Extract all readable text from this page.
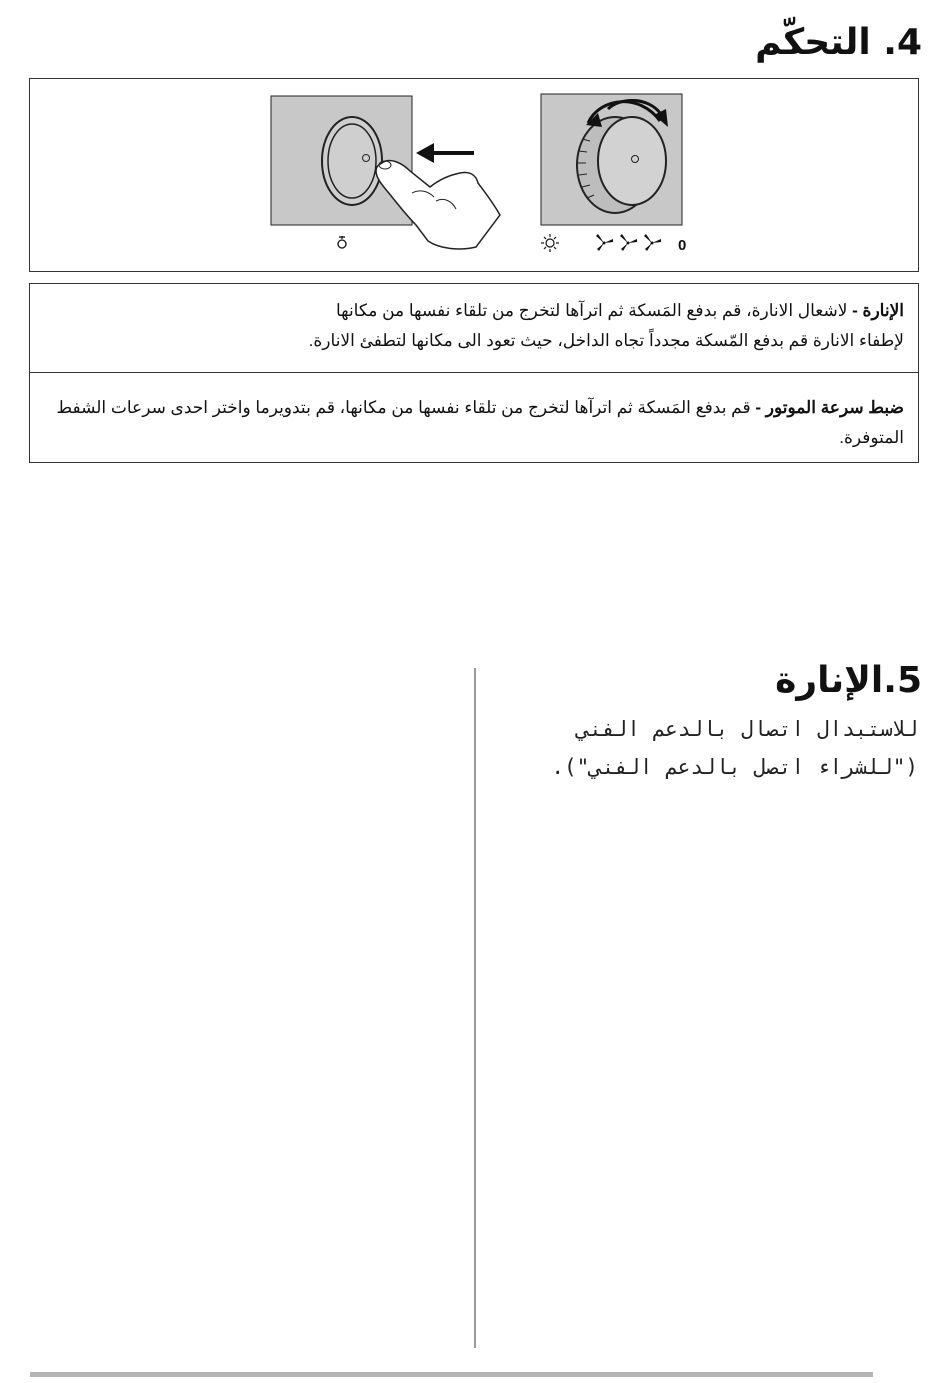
4. التحكّم
0
الإنارة - لاشعال الانارة، قم بدفع المَسكة ثم اترآها لتخرج من تلقاء نفسها من مكانها
لإطفاء الانارة قم بدفع المّسكة مجدداً تجاه الداخل، حيث تعود الى مكانها لتطفئ الانارة.
ضبط سرعة الموتور - قم بدفع المَسكة ثم اترآها لتخرج من تلقاء نفسها من مكانها، قم بتدويرما واختر احدى سرعات الشفط المتوفرة.
5.الإنارة
للاستبدال اتصال بالدعم الفني
("للشراء اتصل بالدعم الفني").
